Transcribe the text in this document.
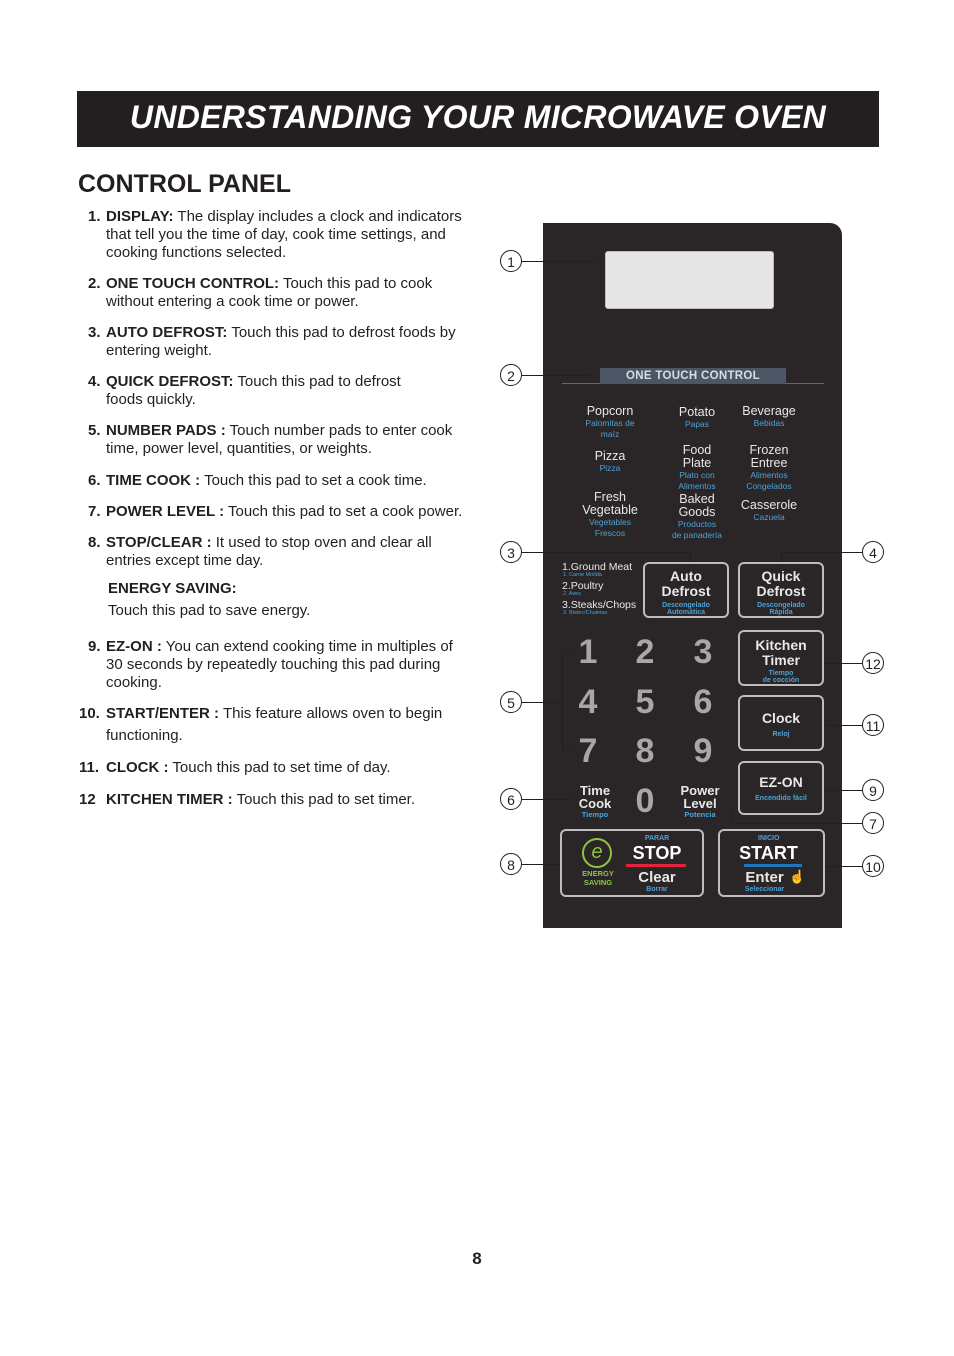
UNDERSTANDING YOUR MICROWAVE OVEN
CONTROL PANEL
1. DISPLAY: The display includes a clock and indicators
that tell you the time of day, cook time settings, and
cooking functions selected.
2. ONE TOUCH CONTROL: Touch this pad to cook
without entering a cook time or power.
3. AUTO DEFROST: Touch this pad to defrost foods by
entering weight.
4. QUICK DEFROST: Touch this pad to defrost
foods quickly.
5. NUMBER PADS : Touch number pads to enter cook
time, power level, quantities, or weights.
6. TIME COOK : Touch this pad to set a cook time.
7. POWER LEVEL : Touch this pad to set a cook power.
8. STOP/CLEAR : It used to stop oven and clear all
entries except time day.
ENERGY SAVING:
Touch this pad to save energy.
9. EZ-ON : You can extend cooking time in multiples of
30 seconds by repeatedly touching this pad during
cooking.
10. START/ENTER : This feature allows oven to begin
functioning.
11. CLOCK : Touch this pad to set time of day.
12 KITCHEN TIMER : Touch this pad to set timer.
ONE TOUCH CONTROL
Popcorn
Palomitas de maíz
Potato
Papas
Beverage
Bebidas
Pizza
Pizza
Food
Plate
Plato con
Alimentos
Frozen
Entree
Alimentos
Congelados
Fresh
Vegetable
Vegetables
Frescos
Baked
Goods
Productos
de panadería
Casserole
Cazuela
1.Ground Meat
1. Carne Molida
2.Poultry
2. Aves
3.Steaks/Chops
3. Bistec/Chuletas
Auto
Defrost
Descongelado
Automática
Quick
Defrost
Descongelado
Rápida
Kitchen
Timer
Tiempo
de cocción
Clock
Reloj
EZ-ON
Encendido fácil
1 2 3
4 5 6
7 8 9
0
Time
Cook
Tiempo
Power
Level
Potencia
e
ENERGY
SAVING
PARAR
STOP
Clear
Borrar
INICIO
START
Enter ☝
Seleccionar
1
2
3	4
5
6
7
8
9
10
11
12
8
